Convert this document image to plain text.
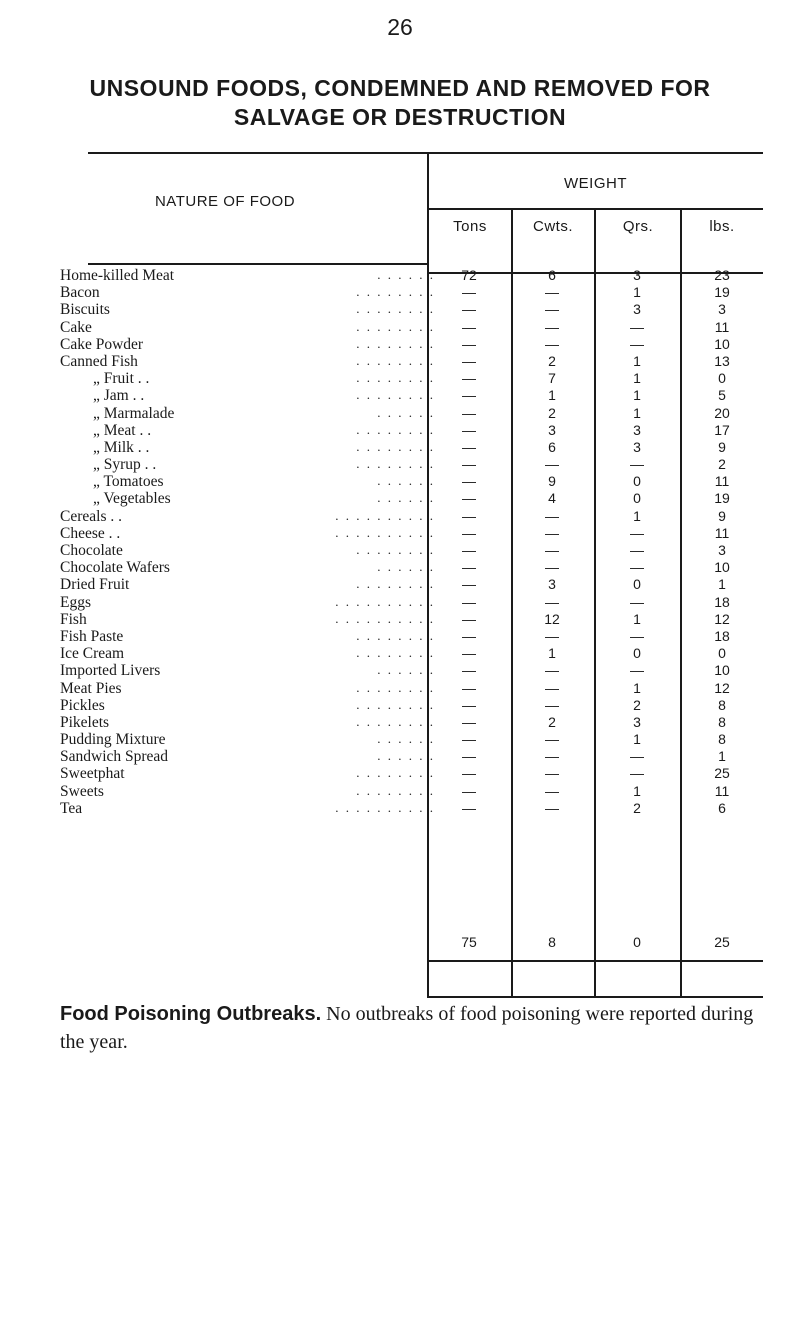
26
UNSOUND FOODS, CONDEMNED AND REMOVED FOR
SALVAGE OR DESTRUCTION
NATURE OF FOOD
WEIGHT
Tons	Cwts.	Qrs.	lbs.
Home-killed Meat	. . . . . .	72	6	3	23
Bacon	. . . . . . . .	—	—	1	19
Biscuits	. . . . . . . .	—	—	3	3
Cake	. . . . . . . .	—	—	—	11
Cake Powder	. . . . . . . .	—	—	—	10
Canned Fish	. . . . . . . .	—	2	1	13
„ Fruit . .	. . . . . . . .	—	7	1	0
„ Jam . .	. . . . . . . .	—	1	1	5
„ Marmalade	. . . . . .	—	2	1	20
„ Meat . .	. . . . . . . .	—	3	3	17
„ Milk . .	. . . . . . . .	—	6	3	9
„ Syrup . .	. . . . . . . .	—	—	—	2
„ Tomatoes	. . . . . .	—	9	0	11
„ Vegetables	. . . . . .	—	4	0	19
Cereals . .	. . . . . . . . . .	—	—	1	9
Cheese . .	. . . . . . . . . .	—	—	—	11
Chocolate	. . . . . . . .	—	—	—	3
Chocolate Wafers	. . . . . .	—	—	—	10
Dried Fruit	. . . . . . . .	—	3	0	1
Eggs	. . . . . . . . . .	—	—	—	18
Fish	. . . . . . . . . .	—	12	1	12
Fish Paste	. . . . . . . .	—	—	—	18
Ice Cream	. . . . . . . .	—	1	0	0
Imported Livers	. . . . . .	—	—	—	10
Meat Pies	. . . . . . . .	—	—	1	12
Pickles	. . . . . . . .	—	—	2	8
Pikelets	. . . . . . . .	—	2	3	8
Pudding Mixture	. . . . . .	—	—	1	8
Sandwich Spread	. . . . . .	—	—	—	1
Sweetphat	. . . . . . . .	—	—	—	25
Sweets	. . . . . . . .	—	—	1	11
Tea	. . . . . . . . . .	—	—	2	6
75	8	0	25
Food Poisoning Outbreaks. No outbreaks of food poisoning were reported during the year.
